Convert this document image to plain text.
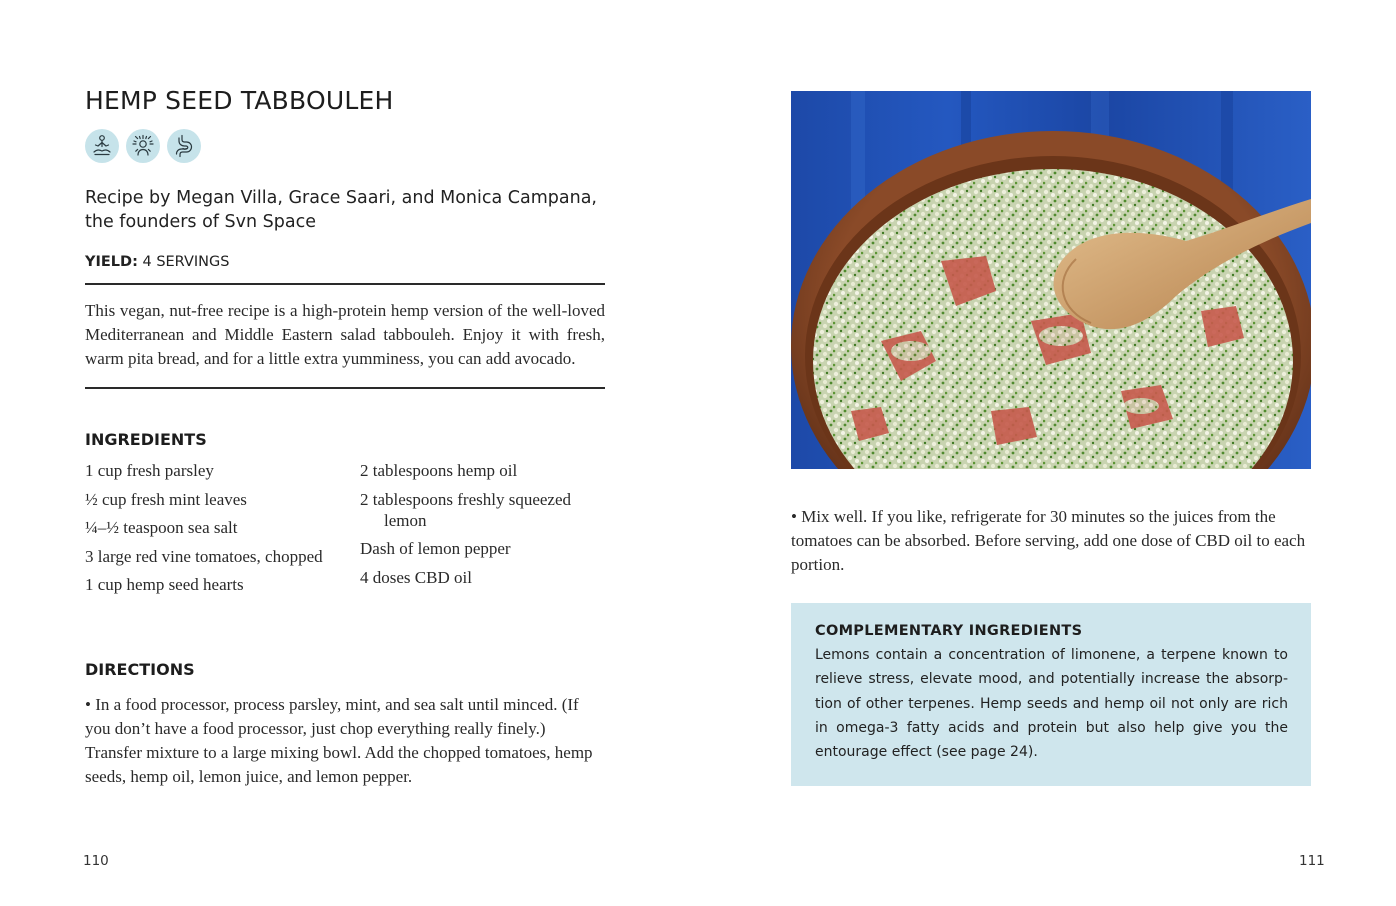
HEMP SEED TABBOULEH
Recipe by Megan Villa, Grace Saari, and Monica Campana, the founders of Svn Space
YIELD: 4 SERVINGS

This vegan, nut-free recipe is a high-protein hemp version of the well-loved Mediterranean and Middle Eastern salad tabbouleh. Enjoy it with fresh, warm pita bread, and for a little extra yumminess, you can add avocado.

INGREDIENTS
1 cup fresh parsley
½ cup fresh mint leaves
¼–½ teaspoon sea salt
3 large red vine tomatoes, chopped
1 cup hemp seed hearts
2 tablespoons hemp oil
2 tablespoons freshly squeezed lemon
Dash of lemon pepper
4 doses CBD oil
DIRECTIONS

• In a food processor, process parsley, mint, and sea salt until minced. (If you don’t have a food processor, just chop everything really finely.) Transfer mixture to a large mixing bowl. Add the chopped tomatoes, hemp seeds, hemp oil, lemon juice, and lemon pepper.

• Mix well. If you like, refrigerate for 30 minutes so the juices from the tomatoes can be absorbed. Before serving, add one dose of CBD oil to each portion.

COMPLEMENTARY INGREDIENTS

Lemons contain a concentration of limonene, a terpene known to relieve stress, elevate mood, and potentially increase the absorp-tion of other terpenes. Hemp seeds and hemp oil not only are rich in omega-3 fatty acids and protein but also help give you the entourage effect (see page 24).

110	111
